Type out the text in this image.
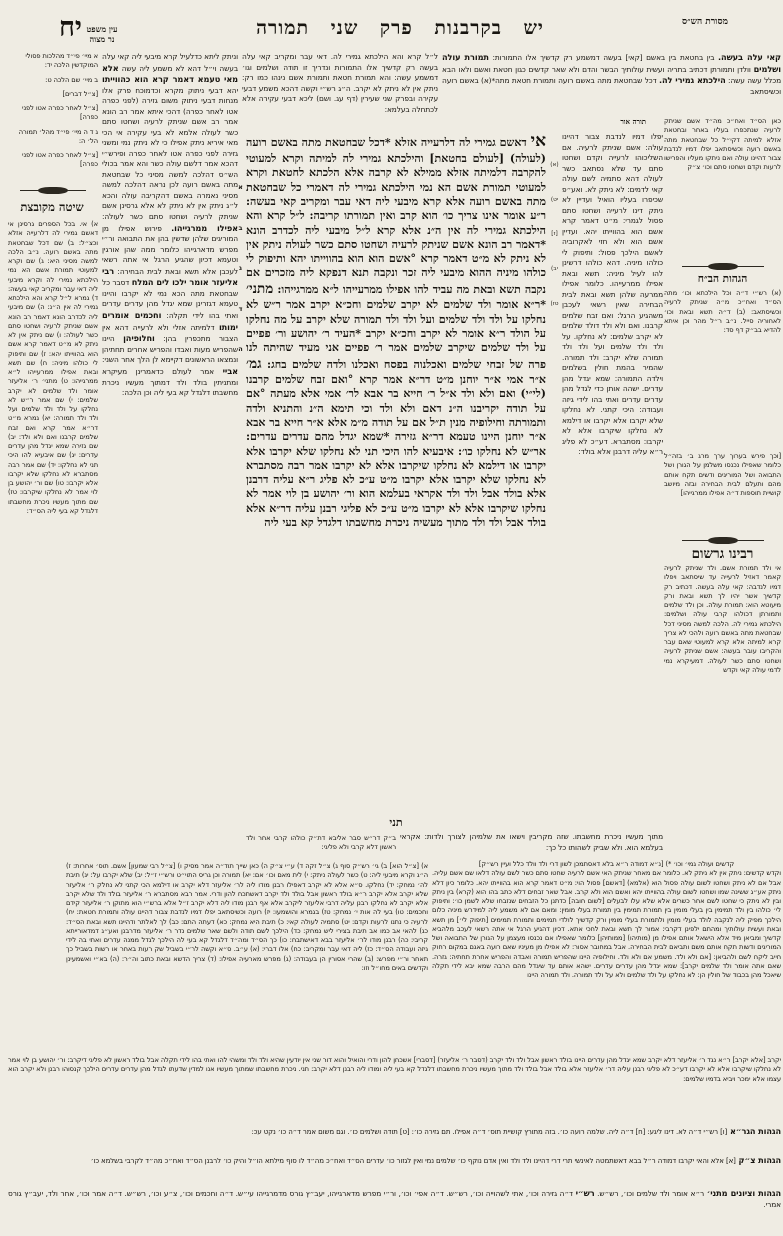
יח עין משפט
נר מצוה	יש בקרבנות פרק שני תמורה	מסורת הש״ס
א מיי׳ פי״ד מהלכות פסולי המוקדשין הלכה יד:
ב מיי׳ שם הלכה ט:
[צ״ל דברים]
[צ״ל לאחר כפרה אטו לפני כפרה]
ג ד ה מיי׳ פי״ד מהל׳ תמורה הל׳ ה:
[צ״ל לאחר כפרה אטו לפני כפרה]
שיטה מקובצת
א) אי. בכל הספרים גרסינן אי דאשם גמירי לה דלרעייה אזלא וכצ״ל: ב) שם דכל שבחטאת מתה באשם רועה. נ״ב הלכה למשה מסיני היא: ג) שם וקרא למעוטי תמורת אשם הא נמי הילכתא גמירי לה וקרא מיבעי ליה דאי עבר ומקריב קאי בעשה: ד) גמרא ל״ל קרא והא הילכתא גמירי לה אין ה״נ: ה) שם מיבעי ליה לכדרב הונא דאמר רב הונא אשם שניתק לרעיה ושחטו סתם כשר לעולה: ו) שם ניתק אין לא ניתק לא מ״ט דאמר קרא אשם הוא בהווייתו יהא: ז) שם ותיפוק לי כולהו מיניה: ח) שם תשא ובאת אפילו ממרעייהו ל״א ממרגייהו: ט) מתני׳ ר׳ אליעזר אומר ולד שלמים לא יקרב שלמים: י) שם אמר ר״ש לא נחלקו על ולד ולד שלמים ועל ולד ולד תמורה: יא) גמרא מ״ט דר״א אמר קרא ואם זבח שלמים קרבנו ואם ולא ולד: יב) שם גזירה שמא יגדל מהן עדרים עדרים: יג) שם איבעיא להו היכי תני לא נחלקו: יד) שם אמר רבה מסתברא לא נחלקו שלא יקרבו אלא יקרבו: טו) שם ור׳ יהושע בן לוי אמר לא נחלקו שיקרבו: טז) שם מתוך מעשיו ניכרת מחשבתו דלגדל קא בעי ליה הס״ד:
וניתק ליתא כדלעיל קרא מיבעי ליה קאי עלה בעשה וי״ל דהא לא משמע ליה עשה אלא מאי טעמא דאמר קרא הוא כהווייתו יהא דבעי ניתוק מקרא וכדמוכח פרק אלו מנחות דבעי ניתוק משום גזירה (לפני כפרה אטו לאחר כפרה) דהכי איתא אמר רב הונא אמר רב אשם שניתק לרעיה ושחטו סתם כשר לעולה אלמא לא בעי עקירה אי הכי מאי איריא ניתק אפילו כי לא ניתק נמי ומשני גזירה לפני כפרה אטו לאחר כפרה ופירש״י דהכא אמר דלשם עולה כשר והא אמר בכולי הש״ס דהלכה למשה מסיני כל שבחטאת מתה באשם רועה לכן נראה דהלכה למשה מסיני נאמרה באשם דהקריבה עולה והכא ל״ג ניתק אין לא ניתק לא אלא גרסינן אשם שניתק לרעיה ושחטו סתם כשר לעולה: אפילו ממרגייהו. פירוש אפילו מן המוריגים שלהן שדשין בהן את התבואה ור״י מפרש מדארגייהו כלומר ממה שהן אורגין וטעמא דכיון שהגיע הרגל אי אתה רשאי לעכבן אלא תשא ובאת לבית הבחירה: רבי אליעזר אומר ילכו לים המלח דסבר כל שבחטאת מתה הכא נמי לא יקרבו והיינו טעמא דגזרינן שמא יגדל מהן עדרים עדרים ואתי בהו לידי תקלה: וחכמים אומרים ימותו דלמיתה אזלי ולא לרעייה דהא אין הצבור מתכפרין בהן: וחלופיהן היינו שהפריש מעות ואבדו והפריש אחרים תחתיהן ונמצאו הראשונים דקיימא לן הלך אחר השני: אביי אמר לעולם כדאמרינן מעיקרא ומתניתין בולד ולד דמתוך מעשיו ניכרת מחשבתו דלגדל קא בעי ליה וכן הלכה:
ל״ל קרא והא הילכתא גמירי לה. דאי עבר ומקריב קאי עלה בעשה רק קדשיך אלו התמורות ונדריך זו תודה ושלמים וגו׳ דמשמע עשה: והא תמורת חטאת ותמורת אשם נינהו כמו רק: ניתק אין לא ניתק לא יקרב. ה״ג רש״י וקשה דהכא משמע דבעי עקירה ובפרק שני שעירין (דף עג. ושם) ליכא דבעי עקירה אלא לכתחלה בעלמא:
קאי עלה בעשה. בין בחטאת בין באשם [קאי] בעשה דמשמע רק קדשיך אלו התמורות: תמורת עולה ושלמים וולדן ותמורתן דכתיב בתריה ועשית עולותיך הבשר והדם ולא שאר קדשים כגון חטאת ואשם ולאו הבא מכלל עשה עשה: הילכתא גמירי לה. דכל שבחטאת מתה באשם רועה ותמורת חטאת מתה*(א) באשם רועה וכשיסתאב
תורה אור
א
ב
ג
ד
ה
אי דאשם גמירי לה דלרעייה אזלא *דכל שבחטאת מתה באשם רועה (לעולה) [לעולם בחטאת] והילכתא גמירי לה למיתה וקרא למעוטי להקרבה דלמיתה אזלא ממילא לא קרבה אלא הלכתא לחטאת וקרא למעוטי תמורת אשם הא נמי הילכתא גמירי לה דאמרי כל שבחטאת מתה באשם רועה אלא קרא מיבעי ליה דאי עבר ומקריב קאי בעשה: ר״ע אומר אינו צריך כו׳ הוא קרב ואין תמורתו קריבה: ל״ל קרא והא הילכתא גמירי לה אין ה״נ אלא קרא ל״ל מיבעי ליה לכדרב הונא *דאמר רב הונא אשם שניתק לרעיה ושחטו סתם כשר לעולה ניתק אין לא ניתק לא מ״ט דאמר קרא °אשם הוא הוא בהווייתו יהא ותיפוק לי כולהו מיניה ההוא מיבעי ליה זכר ונקבה תנא דנפקא ליה מזכרים אם נקבה תשא ובאת מה עביד להו אפילו ממרעייהו ל״א ממרגייהו: מתני׳ *ר״א אומר ולד שלמים לא יקרב שלמים וחכ״א יקרב אמר ר״ש לא נחלקו על ולד ולד שלמים ועל ולד ולד תמורה שלא יקרב על מה נחלקו על הולד ר״א אומר לא יקרב וחכ״א יקרב *העיד ר׳ יהושע ור׳ פפיים על ולד שלמים שיקרב שלמים אמר ר׳ פפיים אני מעיד שהיתה לנו פרה של זבחי שלמים ואכלנוה בפסח ואכלנו ולדה שלמים בחג: גמ׳ א״ר אמי א״ר יוחנן מ״ט דר״א אמר קרא °ואם זבח שלמים קרבנו (לי״י) ואם ולא ולד א״ל ר׳ חייא בר אבא לר׳ אמי אלא מעתה °אם על תודה יקריבנו ה״נ דאם ולא ולד וכי תימא ה״נ והתניא ולדה ותמורתה וחילופיה מנין ת״ל אם על תודה מ״מ אלא א״ר חייא בר אבא א״ר יוחנן היינו טעמא דר״א גזירה *שמא יגדל מהם עדרים עדרים: אר״ש לא נחלקו כו׳: איבעיא להו היכי תני לא נחלקו שלא יקרבו אלא יקרבו או דילמא לא נחלקו שיקרבו אלא לא יקרבו אמר רבה מסתברא לא נחלקו שלא יקרבו אלא יקרבו מ״ט ע״כ לא פליג ר״א עליה דרבנן אלא בולד אבל ולד ולד אקראי בעלמא הוא ור׳ יהושע בן לוי אמר לא נחלקו שיקרבו אלא לא יקרבו מ״ט ע״כ לא פליגי רבנן עליה דר״א אלא בולד אבל ולד ולד מתוך מעשיה ניכרת מחשבתו דלגדל קא בעי ליה
תני
(א)
יט)
[ז]
יב)
טז)
יפלו דמיו לנדבת צבור דהיינו עולה: אשם שניתק לרעיה. אם השליכוהו לרעייה וקדם ושחטו סתם עד שלא נסתאב כשר לעולה דהא סתמיה לשם עולה קאי לדמים: לא ניתק לא. ואע״פ שכיפרו בעליו הואיל ועדיין לא ניתק דינו לרעייה ושחטו סתם פסול לגמרי: מ״ט דאמר קרא אשם הוא בהווייתו יהא. ועדיין אשם הוא ולא חזי לאקרוביה לאשם הילכך פסול: ותיפוק לי כולהו מיניה. דהא כולהו דרשינן להו לעיל מיניה: תשא ובאת אפילו ממרעייהו. כלומר אפילו ממרעה שלהן תשא ובאת לבית הבחירה שאין רשאי לעכבן משהגיע הרגל: ואם זבח שלמים קרבנו. ואם ולא ולד דולד שלמים לא יקרב שלמים: לא נחלקו. על ולד ולד שלמים ועל ולד ולד תמורה שלא יקרב: ולד תמורה. שהמיר בהמת חולין בשלמים וילדה התמורה: שמא יגדל מהן עדרים. ישהה אותן כדי לגדל מהן עדרים עדרים ואתי בהו לידי גיזה ועבודה: היכי קתני. לא נחלקו שלא יקרבו אלא יקרבו או דילמא לא נחלקו שיקרבו אלא לא יקרבו: מסתברא. דע״כ לא פליג ר״א עליה דרבנן אלא בולד:
מתוך מעשיו ניכרת מחשבתו. שזה מקריבין וישאו את שלמיהן לצורך ולדות: אקראי בעלמא הוא. ולא שביק לשהותו כל כך:
ב״ק דר״ש סבר אליבא דת״ק כולהו קרבי אחר ולד ראשון דלא קרבי ולא פליגי:
כאן הס״ד ואח״כ מה״ד אשם שניתק לרעיה שנתכפרו בעליו באחר ובחטאת אזלא למיתה דקי״ל כל שבחטאת מתה באשם רועה וכשיסתאב יפלו דמיו לנדבת צבור דהיינו עולה ואם ניתקו מעליו והפרישו לרעות וקדם ושחטו סתם וכו׳ צ״ק
הגהות הב״ח
(א) רש״י ד״ה וכל הילכתא וכו׳ מתה הס״ד ואח״כ מ״ה שניתק לרעיה וכשיסתאב: (ב) ד״ה תשא ובאת וכו׳ לאחוריה סייל. נ״ב ר״ל מהר וכן איתא להדיא בב״ק דף סד:
[וכך פירש בערוך ערך מרג ב׳ בזה״ל כלומר שאפילו נכנסו משלמן על הגורן ושל התבואה ושל המוריגים ודשים תקח אותם מהם ותעלם לבית הבחירה ובזה מיושב קושיית תוספות ד״ה אפילו ממרגייהו]
רבינו גרשום
אי ולד תמורת אשם. ולד שניתק לרעיה קאמר דאזיל לרעייה עד שיסתאב ויפלו דמיו לנדבה: קאי עלה בעשה. דכתיב רק קדשיך אשר יהיו לך תשא ובאת ורק מיעוטא הוא: תמורת עולה. וכן ולד שלמים ותמורתן דכולהו קרבי עולה ושלמים: הילכתא גמירי לה. הלכה למשה מסיני דכל שבחטאת מתה באשם רועה ולהכי לא צריך קרא למיתה אלא קרא למעוטי שאם עבר והקריבו עובר בעשה: אשם שניתק לרעיה ושחטו סתם כשר לעולה. דמעיקרא נמי לדמי עולה קאי וקדש
א) [צ״ל הוא] ב) גי׳ רש״ק סוף ג) צ״ל זקה ד) ע״י צ״ק ה) כאן שייך תוד״ה אמר מסיק ו) [צ״ל רבי שמעון] אשם. תוס׳ אחרות: ז) ה״ג וקרא מיבעי ליה: ט) כשר לעולה ניתק: י) לית מאם וכו׳ אם: יא) תמורה וכן גריס התוי״ט ורש״י ז״ל: יב) שלא יקרבו על: יג) תיבת לה׳ נמחק: יד) נחלקו. ס״א אלא לא יקרב דאפילו רבנן מודו ליה לר׳ אליעזר דלא יקרב או דילמא הכי קתני לא נחלק ר׳ אליעזר שלא יקרב אלא יקרב ר״א בולד ראשון אבל בולד ולד יקרב דאשתכח להון ודרי. אמר רבא מסתברא ר׳ אליעזר בולד ולד שלא יקרב אלא יקרב לא נחלקו רבנן עליה דרבי אליעזר ליקרב אלא אף רבנן מודו ליה דלא יקרב ז״ל אלא ברש״י הוא מתוקן ר׳ אליעזר קידם וחכמים: טו) בעי לה אות י׳ נמחק: טז) בגמרא והושמעו: יז) רועה וכשיסתאב יפלו דמיו לנדבת צבור דהיינו עולה ותמורת חטאת: יח) לרעיה כי נתנו לרעות וקדם: יט) סתמיה לעולה קאי: כ) תיבת היא נמחק: כא) דעתה התם: כב) לך לאלתר ודהיינו תשא ובאת הס״ד: כג) להאי אב כמו אב תיבת בצירי ליש נמחק: כד) הילכך לשם תודה ולשם שאר שלמים נדר ר׳ אליעזר מדרבנן ואע״ג דמדאורייתא קריבי: כה) רבנן מודו לר׳ אליעזר בבא דאישתבח: כו) כך הס״ד ומה״ד דלגדל קא בעי לה הילכך לגדל ממנה עדרים ואתי בה לידי גיזה ועבודה הס״ד: כז) ליה דאי עבר ומקריב: כח) אלו דברי: (א) ע״ב. ס״א וקשה לר״י בשביל שק רעות באחר או רשות בשביל כך תאחר ור״י מפרש: (ב) שהרי אסורין הן בעבודה: (ג) מפרש מארעיה אפילו: (ד) צריך הדשא ובאת כתוב וה״ר: (ה) בא״י ואשמעינן וקדשים באים מחו״ל וזו:
קדשים ועולה גמי׳ וכו׳ *) [נ״א דמודה ר״א בלא דאסתמכן לשון דרי ולד וולד כלל ועיין רש״ק]
וקדש קדשים: ניתק אין לא ניתק לא. כלומר אם מאחר שניתק האי אשם לרעיה שחטו סתם כשר לשם עולה דלאו שם אשם עליה. אבל אם לא ניתק ושחטו לשום עולה פסול הוא (אלמא) [דאשם] פסול הוי: מ״ט דאמר קרא הוא בהווייתו יהא. כלומר כיון דלא ניתק אע״ג ששינה שמו ושחטו לשום עולה בהווייתו יהא ואשם הוא ולא קרב. אבל שאר זבחים דלא כתב בהו הוא (קרא) בין ניתק ובין לא ניתק כי שחטו לשם אחר כשרים אלא שלא עלו לבעלים [לשום חובה] כדתנן כל הזבחים שנזבחו שלא לשמן כו׳: ותיפוק לי׳ כולהו בין ולד תמימין בין בעלי מומין בין תמורת תמימין בין תמורת בעלי מומין: ומאם אם לא משמע ליה למידרש מיניה כלום הילכך מפיק ליה לנקבה לולד בעלי מומין ולתמורת בעלי מומין ורק קדשיך לולדי תמימים ותמורת תמימים [תיפוק לי׳] מן תשא ובאת ועשית עולותיך ומהתם ילפינן דקרבי: אמור לך תשא ובאת לחכי אתא. דכיון דהגיע הרגל אי אתה רשאי לעכב מלהביא קדשיך ומביאן מיד אלא הישאל אותם אפילו מן (מותיהו) [ממותיהן] כלומר שאפילו אם נכנסו מעצמן על הגורן של התבואה ושל המוריגים ודשות תקח אותם משם ותביאם לבית הבחירה. אבל במחובר אסור: לא אפילו מן מעיניו שאם רועה באגם במקום רחוק חייב ליקח לשם ולהביאן: [אם ולא ולד. משמע אם ולא ולד. וחילופיה היינו שהפריש תמורה ואבדה והפריש אחרת תחתיה: גזרה. שאם אתה אומר ולד שלמים יקרב]: שמא יגדל מהן עדרים עדרים. ישהא אותם עד שיגדל מהם הרבה שמא יבא לידי תקלה שיאכל מהן בכבוד של חולין הן: לא נחלקו על ולד שלמים ולא על ולד תמורה. ולד תמורה היינו
יקרב [אלא יקרב] ר״א נגד ר׳ אליעזר דלא יקרב שמא יגדל מהן עדרים היינו בולד ראשון אבל ולד ולד יקרב (דסבר ר׳ אליעזר) [דסברי] אשכחן להון ודרי והואיל והוא דור שני אין יודעין שהיא ולד ולד ומשהי להו ואתי בהו לידי תקלה אבל בולד ראשון לא פליגי דיקרב: ור׳ יהושע בן לוי אמר לא נחלקו שיקרבו אלא לא יקרבו דע״כ לא פליגי רבנן עליה דר׳ אליעזר אלא בולד אבל בולד ולד מתוך מעשיו ניכרת מחשבתו דלגדל קא בעי ליה ומודו ליה רבנן דלא יקרב: תני. ניכרת מחשבתו שמתוך מעשיו אנו למדין שדעתו לגדל מהן עדרים עדרים הילכך קנסוהו רבנן ולא יקרב הוא עצמו אלא ימכר ויביא בדמיו שלמים:
הגהות הגר״א [ו] רש״י ד״ה לא. דינו ליגע: [ח] ד״ה ליה. שלמה רועה כו׳. בזה מתורץ קושיית תוס׳ ד״ה אפילו. תם גזירה כו׳: [ט] תודה ושלמים כו׳. וגם משום אמר ד״ה כו׳ נקט עכ:
הגהות צ״ק [א] אלא והאי יקרבו דמודה ר״ל בבא דאשתמטה לאינשי תרי דרי דהיינו ולד ולד ואין אדם נוקף כו׳ שלמים נמי ואין לגזור כו׳ עדרים הס״ד ואח״כ מה״ד לו סוף מילתא הו״ל והיק כו׳ לרבנן הס״ד ואח״כ מה״ד לקרבי בשלמא כו׳
הגהות וציונים מתני׳ ר״א אומר ולד שלמים וכו׳, רש״ש. רש״י ד״ה גזירה וכו׳, אתי לשהוייה וכו׳, רש״ש. ד״ה אפי׳ וכו׳, ור״י מפרש מדארגייהו, יעב״ץ גורס מדמרגייהו עי״ש. ד״ה וחכמים וכו׳, צ״ע וכו׳, רש״ש. ד״ה אמר וכו׳, אחר ולד, יעב״ץ גורס אמרי.
